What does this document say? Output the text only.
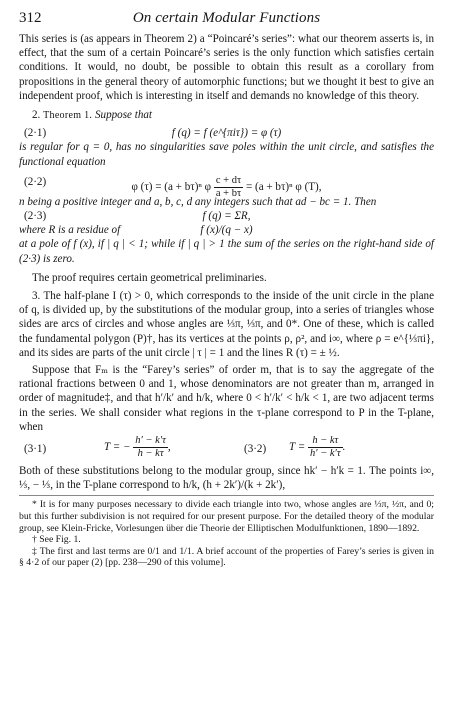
312	On certain Modular Functions

This series is (as appears in Theorem 2) a “Poincaré’s series”: what our theorem asserts is, in effect, that the sum of a certain Poincaré’s series is the only function which satisfies certain conditions. It would, no doubt, be possible to obtain this result as a corollary from propositions in the general theory of automorphic functions; but we thought it best to give an independent proof, which is interesting in itself and demands no knowledge of this theory.

2. Theorem 1. Suppose that

(2·1)	f (q) = f (e^{πiτ}) = φ (τ)

is regular for q = 0, has no singularities save poles within the unit circle, and satisfies the functional equation

(2·2)	φ (τ) = (a + bτ)ⁿ φ $\frac{c + d\tau}{a + b\tau} = (a + b\tau)^n$ φ (T),

n being a positive integer and a, b, c, d any integers such that ad − bc = 1. Then

(2·3)	f (q) = ΣR,
where R is a residue of	f (x)/(q − x)

at a pole of f (x), if | q | < 1; while if | q | > 1 the sum of the series on the right-hand side of (2·3) is zero.

The proof requires certain geometrical preliminaries.

3. The half-plane I (τ) > 0, which corresponds to the inside of the unit circle in the plane of q, is divided up, by the substitutions of the modular group, into a series of triangles whose sides are arcs of circles and whose angles are ⅓π, ⅓π, and 0*. One of these, which is called the fundamental polygon (P)†, has its vertices at the points ρ, ρ², and i∞, where ρ = e^{⅓πi}, and its sides are parts of the unit circle | τ | = 1 and the lines R (τ) = ± ½.

Suppose that Fₘ is the “Farey’s series” of order m, that is to say the aggregate of the rational fractions between 0 and 1, whose denominators are not greater than m, arranged in order of magnitude‡, and that h′/k′ and h/k, where 0 < h′/k′ < h/k < 1, are two adjacent terms in the series. We shall consider what regions in the τ-plane correspond to P in the T-plane, when

(3·1)	T = − $\frac{h' - k'\tau}{h - k\tau}$ ,	(3·2) $T = \frac{h - k\tau}{h' - k'\tau}$ .

Both of these substitutions belong to the modular group, since hk′ − h′k = 1. The points i∞, ⅓, − ⅓, in the T-plane correspond to h/k, (h + 2k′)/(k + 2k′),

* It is for many purposes necessary to divide each triangle into two, whose angles are ⅓π, ½π, and 0; but this further subdivision is not required for our present purpose. For the detailed theory of the modular group, see Klein-Fricke, Vorlesungen über die Theorie der Elliptischen Modulfunktionen, 1890—1892.

† See Fig. 1.

‡ The first and last terms are 0/1 and 1/1. A brief account of the properties of Farey’s series is given in § 4·2 of our paper (2) [pp. 238—290 of this volume].
